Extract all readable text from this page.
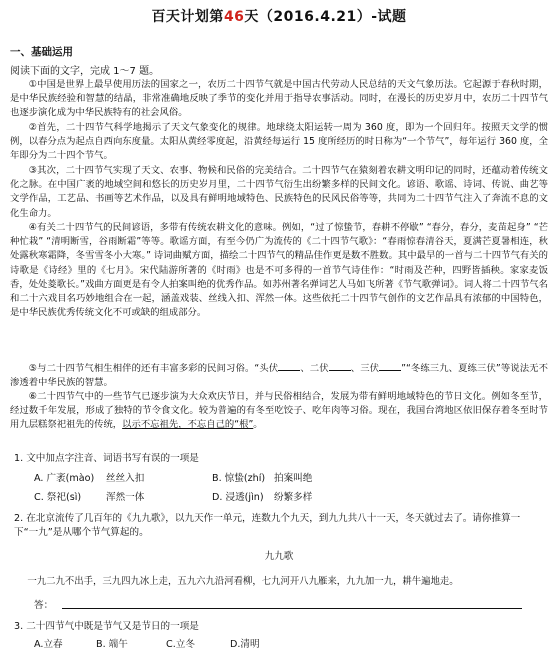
百天计划第46天（2016.4.21）-试题
一、基础运用
阅读下面的文字，完成 1～7 题。
①中国是世界上最早使用历法的国家之一，农历二十四节气就是中国古代劳动人民总结的天文气象历法。它起源于春秋时期，是中华民族经验和智慧的结晶，非常准确地反映了季节的变化并用于指导农事活动。同时，在漫长的历史岁月中，农历二十四节气也逐步演化成为中华民族特有的社会风俗。
②首先，二十四节气科学地揭示了天文气象变化的规律。地球绕太阳运转一周为 360 度，即为一个回归年。按照天文学的惯例，以春分点为起点自西向东度量。太阳从黄经零度起，沿黄经每运行 15 度所经历的时日称为“一个节气”，每年运行 360 度，全年即分为二十四个节气。
③其次，二十四节气实现了天文、农事、物候和民俗的完美结合。二十四节气在猿刻着农耕文明印记的同时，还蕴动着传统文化之脉。在中国广袤的地域空间和悠长的历史岁月里，二十四节气衍生出纷繁多样的民间文化。谚语、歌谣、诗词、传说、曲艺等文学作品，工艺品、书画等艺术作品，以及具有鲜明地域特色、民族特色的民风民俗等等，共同为二十四节气注入了奔流不息的文化生命力。
④有关二十四节气的民间谚语，多带有传统农耕文化的意味。例如，“过了惊蛰节，春耕不停歇” “春分，春分，麦苗起身” “芒种忙栽” “清明断雪，谷雨断霜”等等。歌谣方面，有至今仍广为流传的《二十四节气歌》：“春雨惊春清谷天，夏满芒夏暑相连，秋处露秋寒霜降，冬雪雪冬小大寒。” 诗词曲赋方面，描绘二十四节气的精品佳作更是数不胜数。其中最早的一首与二十四节气有关的诗歌是《诗经》里的《七月》。宋代陆游所著的《时雨》也是不可多得的一首节气诗佳作：“时雨及芒种，四野皆插秧。家家麦饭香，处处菱歌长。”戏曲方面更是有令人拍案叫绝的优秀作品。如苏州著名弹词艺人马如飞所著《节气歌弹词》。词人将二十四节气名和二十六戏目名巧妙地组合在一起，涵盖戏装、丝线入扣、浑然一体。这些依托二十四节气创作的文艺作品具有浓郁的中国特色，是中华民族优秀传统文化不可或缺的组成部分。
⑤与二十四节气相生相伴的还有丰富多彩的民间习俗。“头伏 、二伏 、三伏 ”“冬练三九、夏练三伏”等说法无不渗透着中华民族的智慧。
⑥二十四节气中的一些节气已逐步演为大众欢庆节日，并与民俗相结合，发展为带有鲜明地域特色的节日文化。例如冬至节，经过数千年发展，形成了独特的节令食文化。较为普遍的有冬至吃饺子、吃年肉等习俗。现在，我国台湾地区依旧保存着冬至时节用九层糕祭祀祖先的传统，以示不忘祖先，不忘自己的“根”。
1. 文中加点字注音、词语书写有误的一项是
A. 广袤(mào) 丝丝入扣	B. 惊蛰(zhí) 拍案叫绝
C. 祭祀(sì)	浑然一体	D. 浸透(jìn) 纷繁多样
2. 在北京流传了几百年的《九九歌》，以九天作一单元，连数九个九天，到九九共八十一天，冬天就过去了。请你推算一下“一九”是从哪个节气算起的。
九九歌
一九二九不出手，三九四九冰上走，五九六九沿河看柳，七九河开八九雁来，九九加一九，耕牛遍地走。
答：
3. 二十四节气中既是节气又是节日的一项是
A.立春	B. 端午	C.立冬	D.清明
